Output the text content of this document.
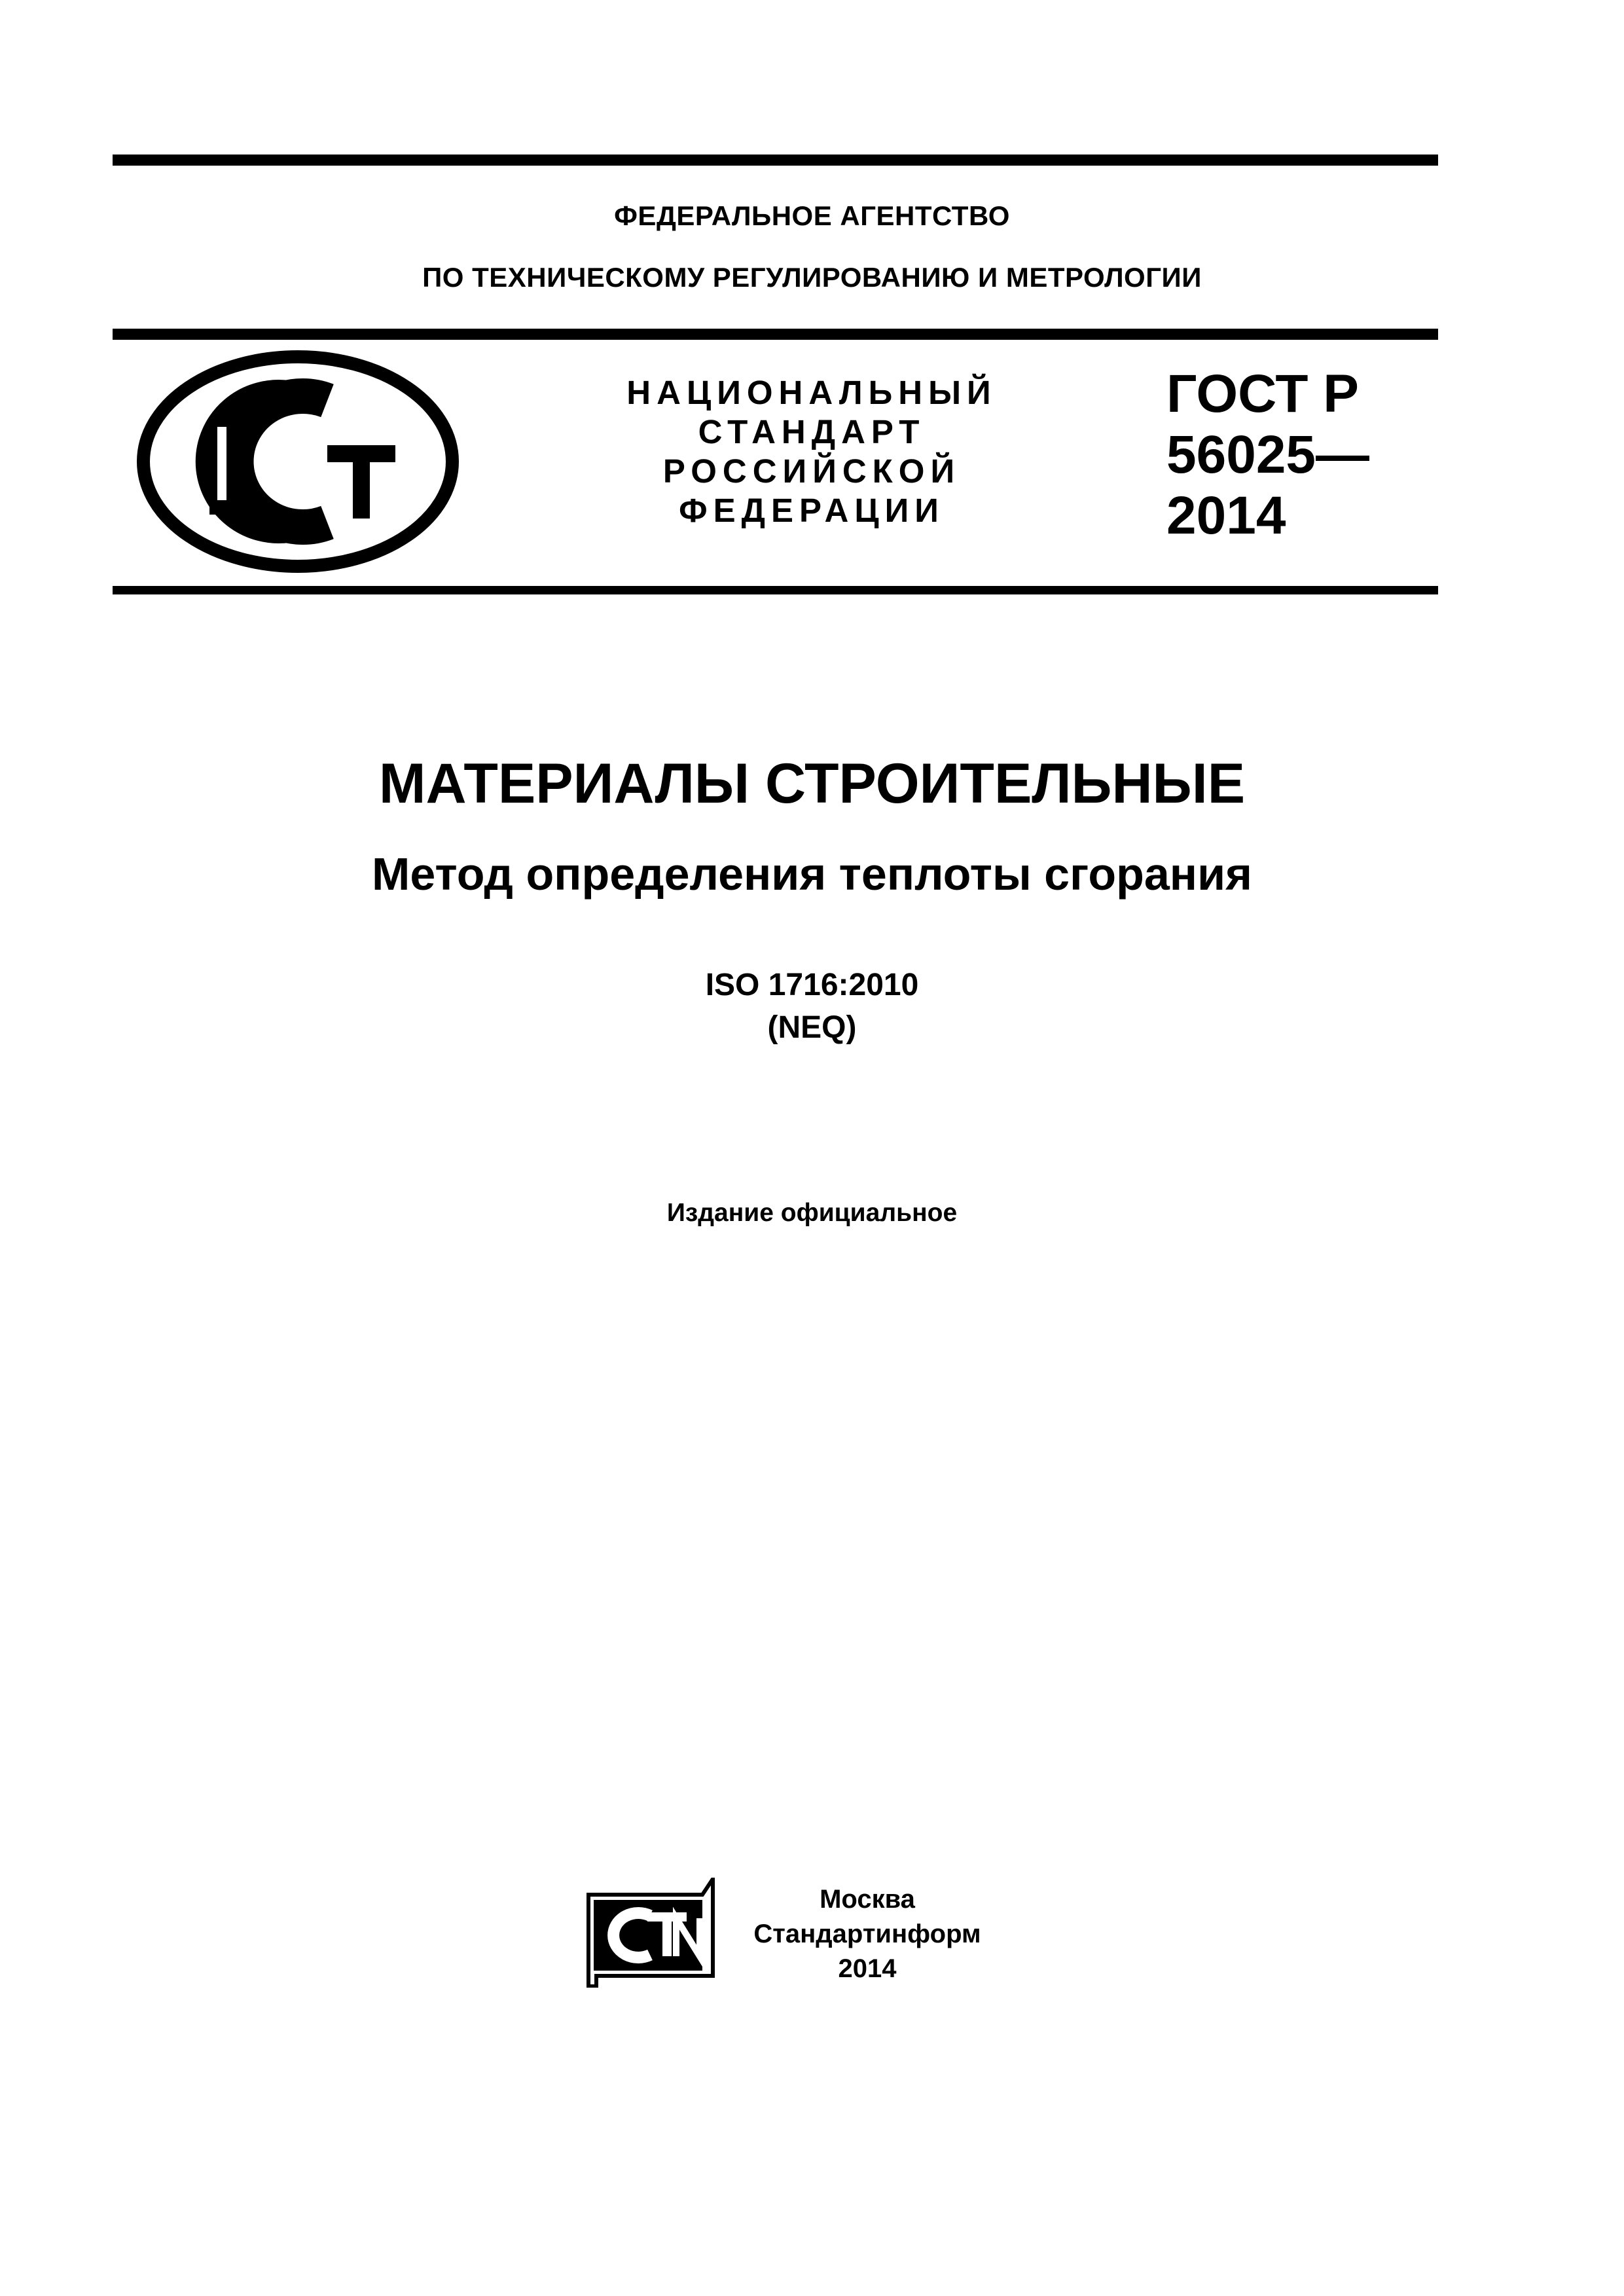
ФЕДЕРАЛЬНОЕ АГЕНТСТВО
ПО ТЕХНИЧЕСКОМУ РЕГУЛИРОВАНИЮ И МЕТРОЛОГИИ
НАЦИОНАЛЬНЫЙ
СТАНДАРТ
РОССИЙСКОЙ
ФЕДЕРАЦИИ
ГОСТ Р
56025—
2014
МАТЕРИАЛЫ СТРОИТЕЛЬНЫЕ
Метод определения теплоты сгорания
ISO 1716:2010
(NEQ)
Издание официальное
Москва
Стандартинформ
2014
